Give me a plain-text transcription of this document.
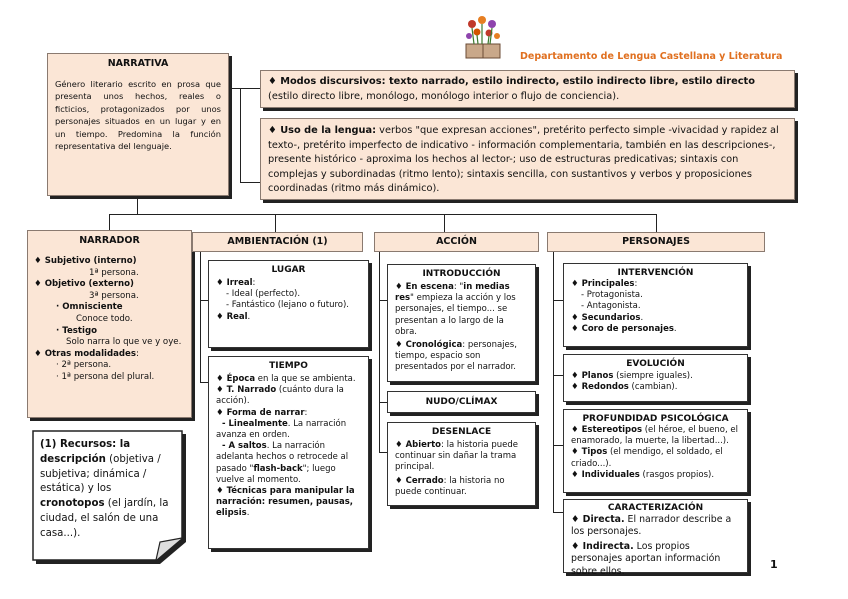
Departamento de Lengua Castellana y Literatura
NARRATIVA

Género literario escrito en prosa que presenta unos hechos, reales o ficticios, protagonizados por unos personajes situados en un lugar y en un tiempo. Predomina la función representativa del lenguaje.

♦ Modos discursivos: texto narrado, estilo indirecto, estilo indirecto libre, estilo directo (estilo directo libre, monólogo, monólogo interior o flujo de conciencia).
♦ Uso de la lengua: verbos "que expresan acciones", pretérito perfecto simple -vivacidad y rapidez al texto-, pretérito imperfecto de indicativo - información complementaria, también en las descripciones-, presente histórico - aproxima los hechos al lector-; uso de estructuras predicativas; sintaxis con complejas y subordinadas (ritmo lento); sintaxis sencilla, con sustantivos y verbos y proposiciones coordinadas (ritmo más dinámico).
NARRADOR

♦ Subjetivo (interno)

1ª persona.

♦ Objetivo (externo)

3ª persona.

· Omnisciente

Conoce todo.

· Testigo

Solo narra lo que ve y oye.

♦ Otras modalidades:

· 2ª persona.

· 1ª persona del plural.

(1) Recursos: la descripción (objetiva / subjetiva; dinámica / estática) y los cronotopos (el jardín, la ciudad, el salón de una casa...).
AMBIENTACIÓN (1)
LUGAR

♦ Irreal:

- Ideal (perfecto).

- Fantástico (lejano o futuro).

♦ Real.

TIEMPO

♦ Época en la que se ambienta.

♦ T. Narrado (cuánto dura la acción).

♦ Forma de narrar:

- Linealmente. La narración avanza en orden.

- A saltos. La narración adelanta hechos o retrocede al pasado "flash-back"; luego vuelve al momento.

♦ Técnicas para manipular la narración: resumen, pausas, elipsis.

ACCIÓN
INTRODUCCIÓN

♦ En escena: "in medias res" empieza la acción y los personajes, el tiempo... se presentan a lo largo de la obra.

♦ Cronológica: personajes, tiempo, espacio son presentados por el narrador.

NUDO/CLÍMAX
DESENLACE

♦ Abierto: la historia puede continuar sin dañar la trama principal.

♦ Cerrado: la historia no puede continuar.

PERSONAJES
INTERVENCIÓN

♦ Principales:

- Protagonista.

- Antagonista.

♦ Secundarios.

♦ Coro de personajes.

EVOLUCIÓN

♦ Planos (siempre iguales).

♦ Redondos (cambian).

PROFUNDIDAD PSICOLÓGICA

♦ Estereotipos (el héroe, el bueno, el enamorado, la muerte, la libertad...).

♦ Tipos (el mendigo, el soldado, el criado...).

♦ Individuales (rasgos propios).

CARACTERIZACIÓN

♦ Directa. El narrador describe a los personajes.

♦ Indirecta. Los propios personajes aportan información sobre ellos.

1
